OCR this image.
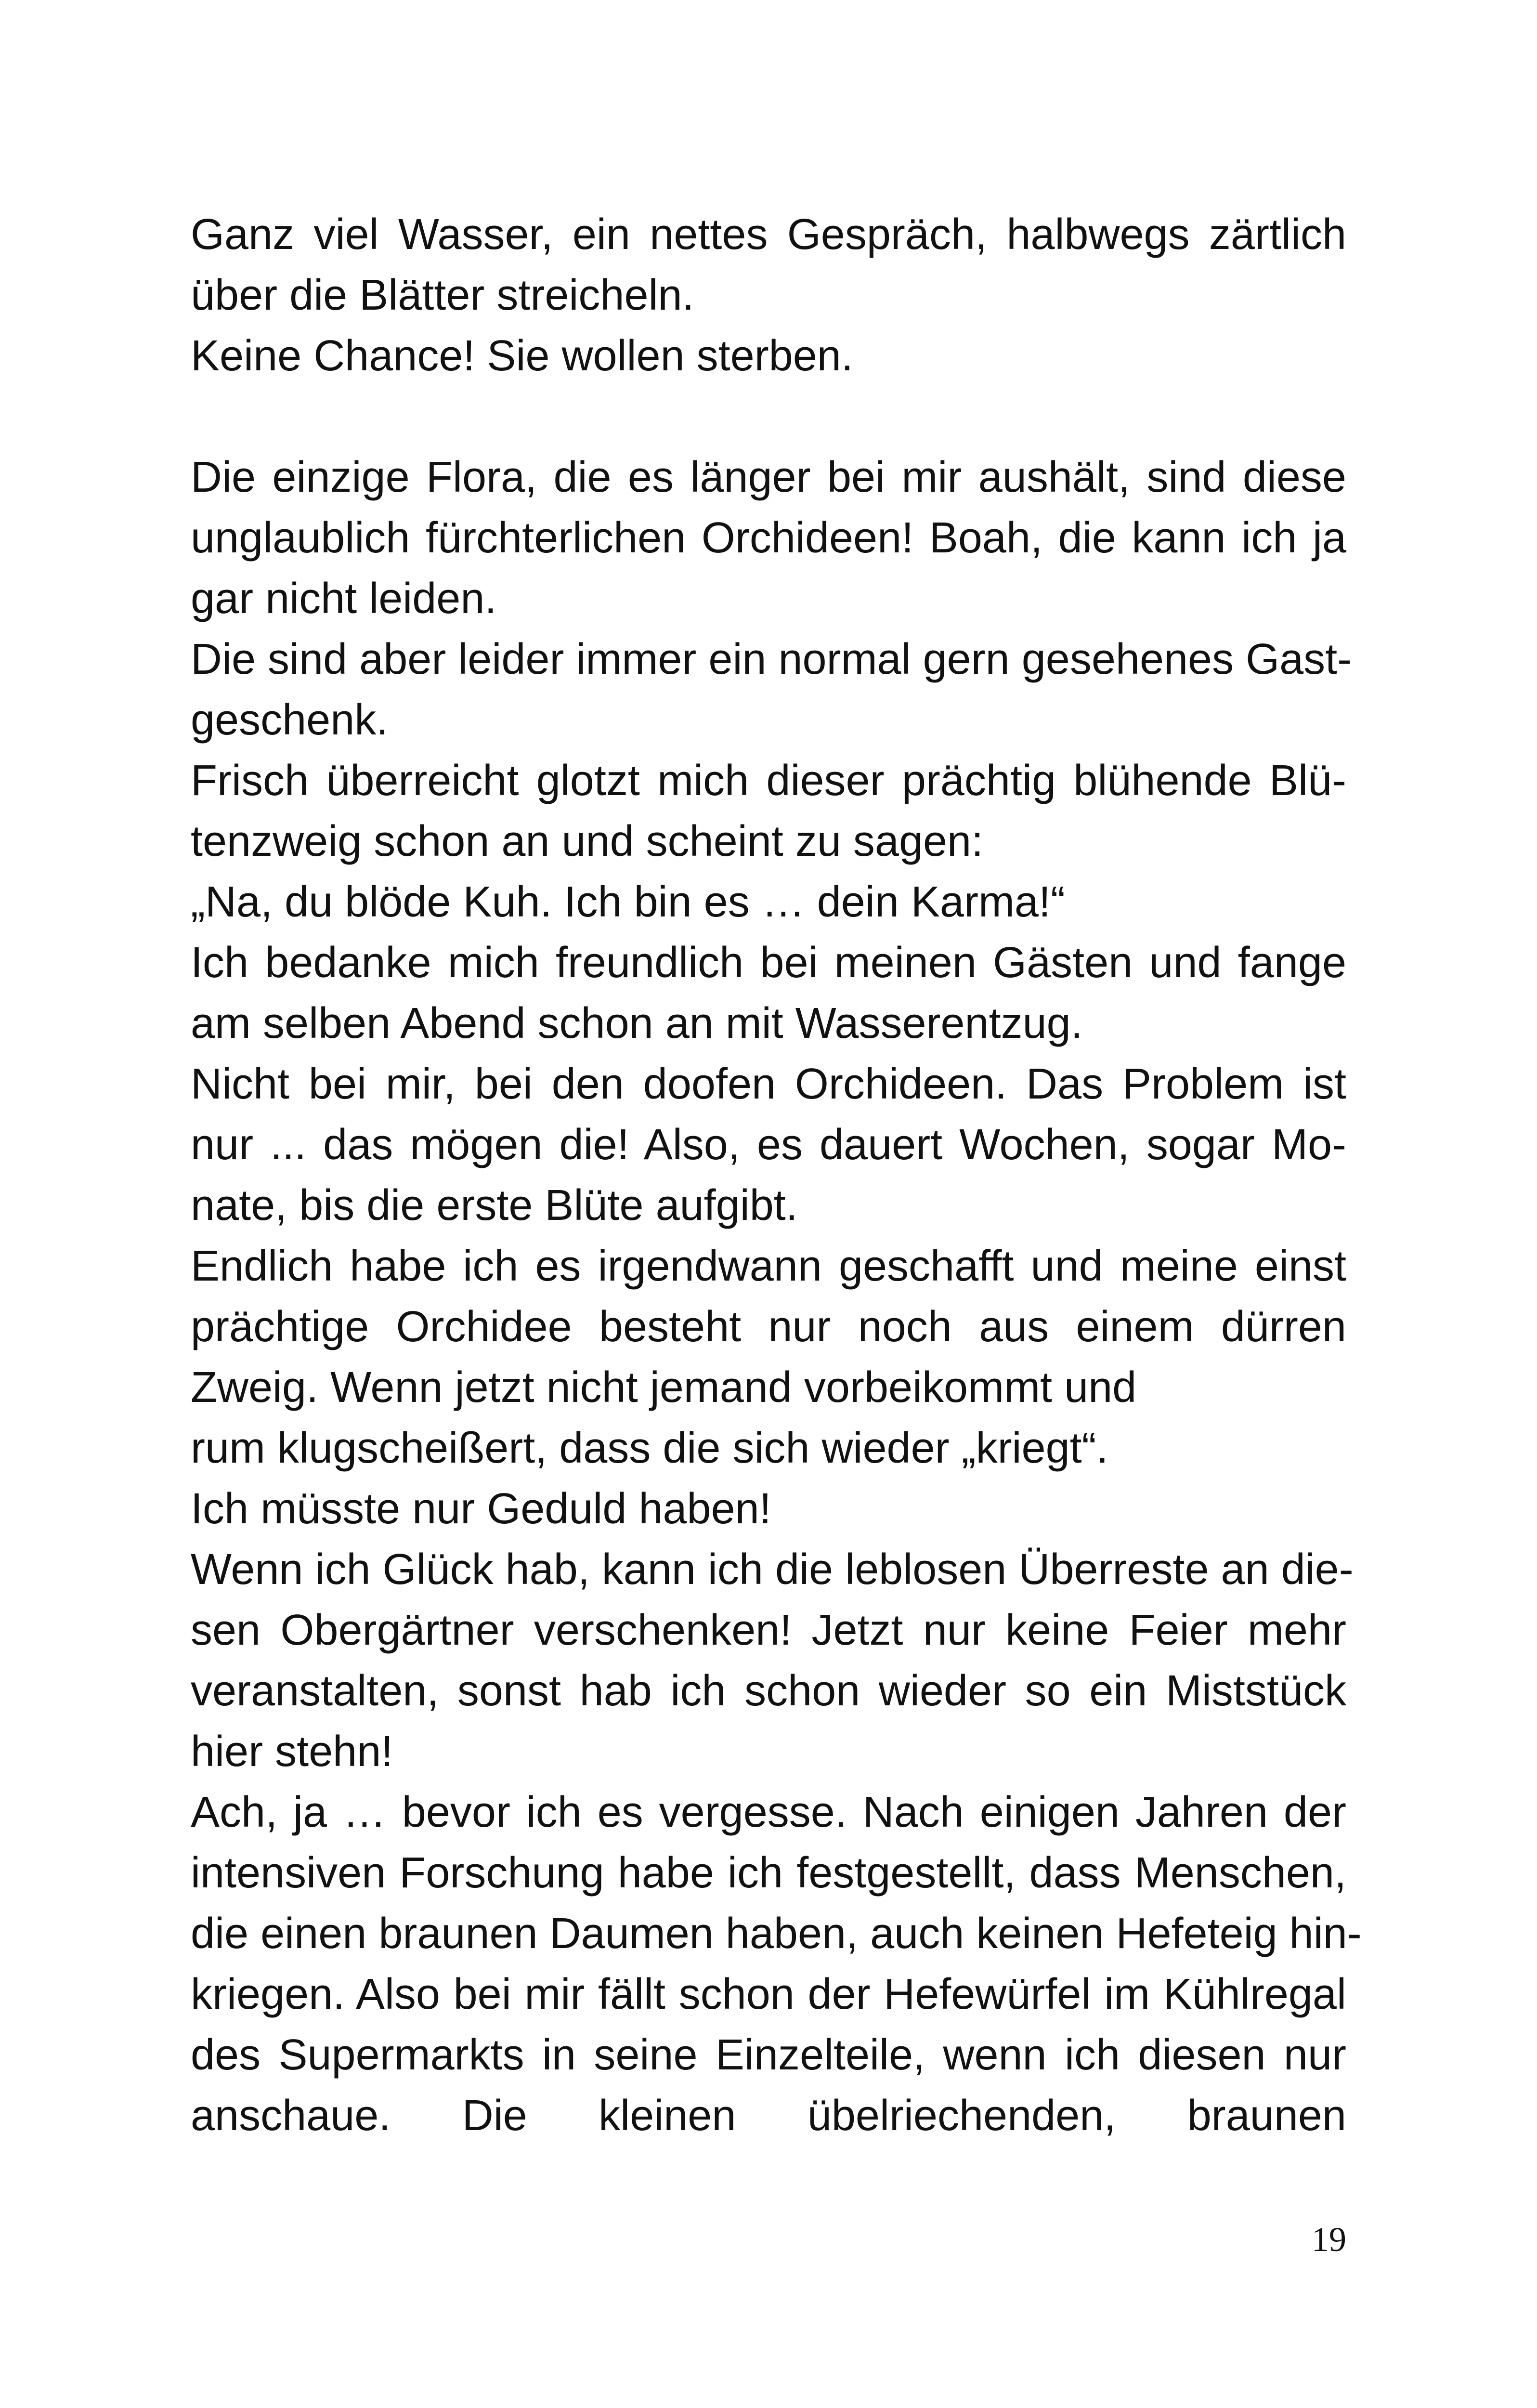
Ganz viel Wasser, ein nettes Gespräch, halbwegs zärtlich
über die Blätter streicheln.
Keine Chance! Sie wollen sterben.
Die einzige Flora, die es länger bei mir aushält, sind diese
unglaublich fürchterlichen Orchideen! Boah, die kann ich ja
gar nicht leiden.
Die sind aber leider immer ein normal gern gesehenes Gast-
geschenk.
Frisch überreicht glotzt mich dieser prächtig blühende Blü-
tenzweig schon an und scheint zu sagen:
„Na, du blöde Kuh. Ich bin es … dein Karma!“
Ich bedanke mich freundlich bei meinen Gästen und fange
am selben Abend schon an mit Wasserentzug.
Nicht bei mir, bei den doofen Orchideen. Das Problem ist
nur ... das mögen die! Also, es dauert Wochen, sogar Mo-
nate, bis die erste Blüte aufgibt.
Endlich habe ich es irgendwann geschafft und meine einst
prächtige Orchidee besteht nur noch aus einem dürren
Zweig. Wenn jetzt nicht jemand vorbeikommt und
rum klugscheißert, dass die sich wieder „kriegt“.
Ich müsste nur Geduld haben!
Wenn ich Glück hab, kann ich die leblosen Überreste an die-
sen Obergärtner verschenken! Jetzt nur keine Feier mehr
veranstalten, sonst hab ich schon wieder so ein Miststück
hier stehn!
Ach, ja … bevor ich es vergesse. Nach einigen Jahren der
intensiven Forschung habe ich festgestellt, dass Menschen,
die einen braunen Daumen haben, auch keinen Hefeteig hin-
kriegen. Also bei mir fällt schon der Hefewürfel im Kühlregal
des Supermarkts in seine Einzelteile, wenn ich diesen nur
anschaue. Die kleinen übelriechenden, braunen
19
